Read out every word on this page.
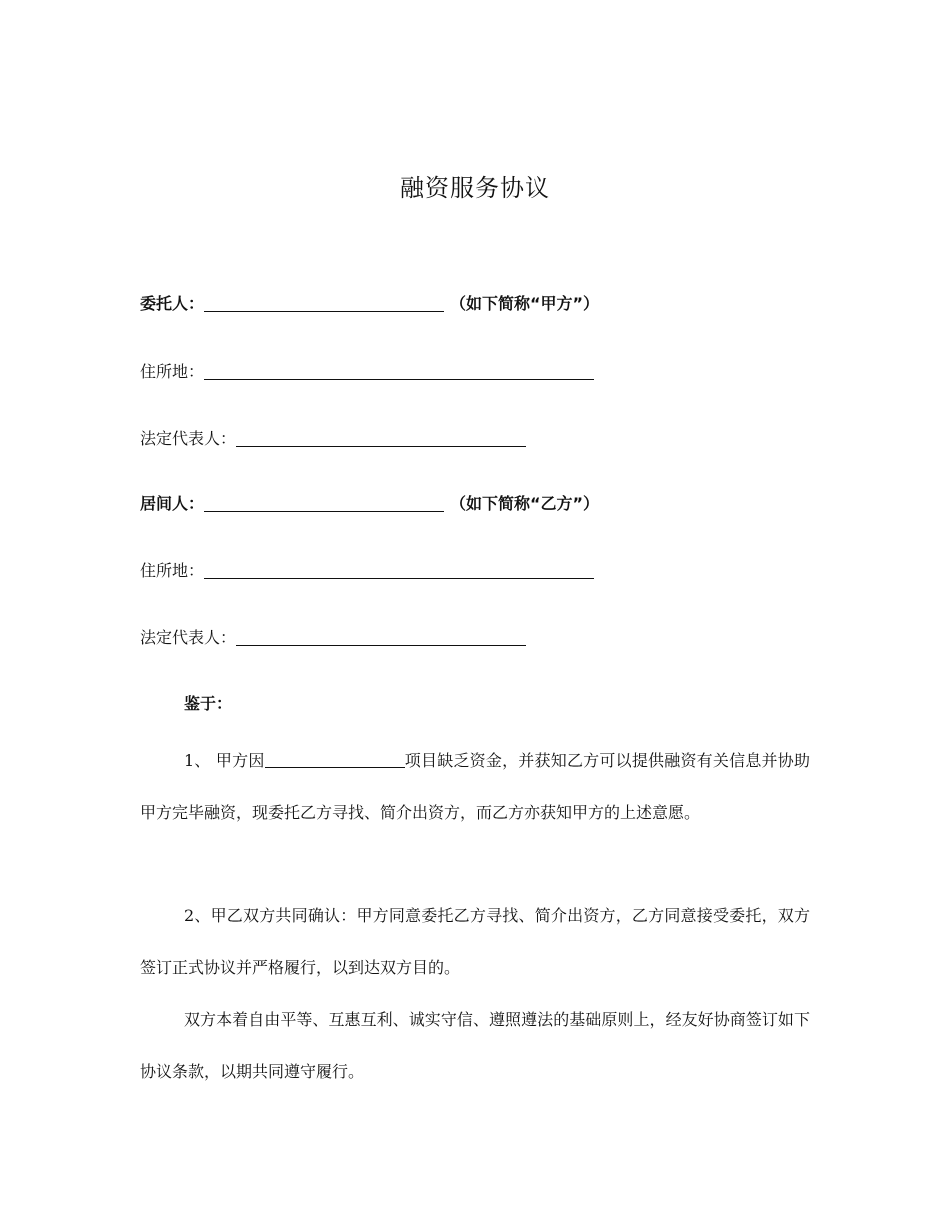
融资服务协议
委托人：	（如下简称“甲方”）
住所地：
法定代表人：
居间人：	（如下简称“乙方”）
住所地：
法定代表人：
鉴于：
1、 甲方因	项目缺乏资金，并获知乙方可以提供融资有关信息并协助甲方完毕融资，现委托乙方寻找、简介出资方，而乙方亦获知甲方的上述意愿。
2、甲乙双方共同确认：甲方同意委托乙方寻找、简介出资方，乙方同意接受委托，双方签订正式协议并严格履行，以到达双方目的。
双方本着自由平等、互惠互利、诚实守信、遵照遵法的基础原则上，经友好协商签订如下协议条款，以期共同遵守履行。
